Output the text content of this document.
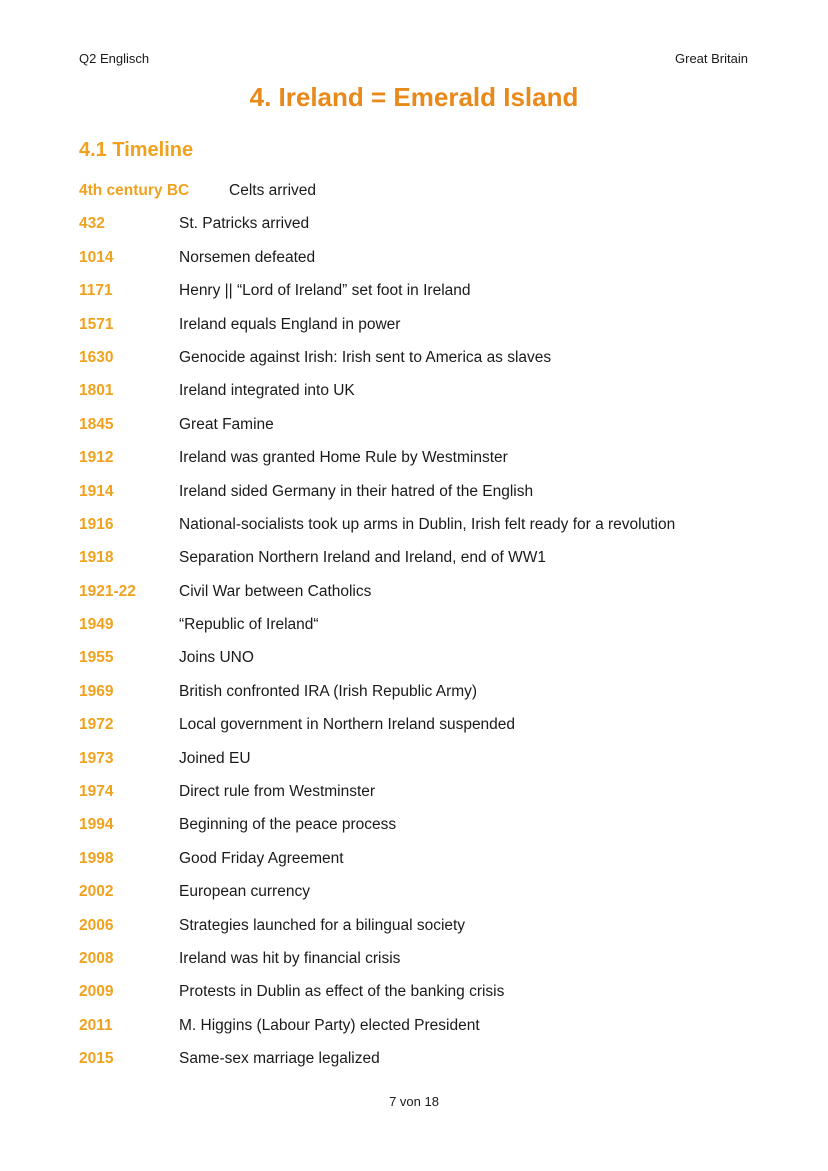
Q2 Englisch	Great Britain
4. Ireland = Emerald Island
4.1 Timeline
4th century BC	Celts arrived
432	St. Patricks arrived
1014	Norsemen defeated
1171	Henry || “Lord of Ireland” set foot in Ireland
1571	Ireland equals England in power
1630	Genocide against Irish: Irish sent to America as slaves
1801	Ireland integrated into UK
1845	Great Famine
1912	Ireland was granted Home Rule by Westminster
1914	Ireland sided Germany in their hatred of the English
1916	National-socialists took up arms in Dublin, Irish felt ready for a revolution
1918	Separation Northern Ireland and Ireland, end of WW1
1921-22	Civil War between Catholics
1949	“Republic of Ireland“
1955	Joins UNO
1969	British confronted IRA (Irish Republic Army)
1972	Local government in Northern Ireland suspended
1973	Joined EU
1974	Direct rule from Westminster
1994	Beginning of the peace process
1998	Good Friday Agreement
2002	European currency
2006	Strategies launched for a bilingual society
2008	Ireland was hit by financial crisis
2009	Protests in Dublin as effect of the banking crisis
2011	M. Higgins (Labour Party) elected President
2015	Same-sex marriage legalized
7 von 18
